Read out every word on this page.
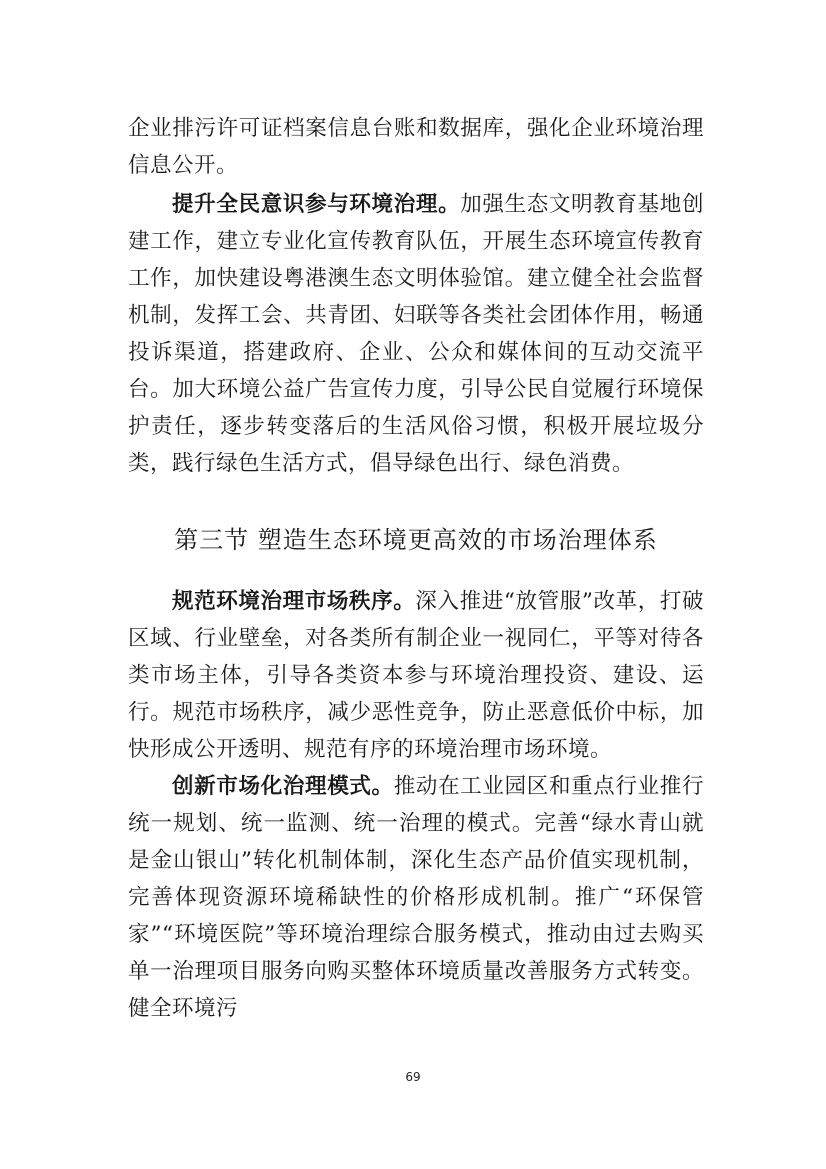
企业排污许可证档案信息台账和数据库，强化企业环境治理信息公开。

提升全民意识参与环境治理。加强生态文明教育基地创建工作，建立专业化宣传教育队伍，开展生态环境宣传教育工作，加快建设粤港澳生态文明体验馆。建立健全社会监督机制，发挥工会、共青团、妇联等各类社会团体作用，畅通投诉渠道，搭建政府、企业、公众和媒体间的互动交流平台。加大环境公益广告宣传力度，引导公民自觉履行环境保护责任，逐步转变落后的生活风俗习惯，积极开展垃圾分类，践行绿色生活方式，倡导绿色出行、绿色消费。

第三节 塑造生态环境更高效的市场治理体系

规范环境治理市场秩序。深入推进“放管服”改革，打破区域、行业壁垒，对各类所有制企业一视同仁，平等对待各类市场主体，引导各类资本参与环境治理投资、建设、运行。规范市场秩序，减少恶性竞争，防止恶意低价中标，加快形成公开透明、规范有序的环境治理市场环境。

创新市场化治理模式。推动在工业园区和重点行业推行统一规划、统一监测、统一治理的模式。完善“绿水青山就是金山银山”转化机制体制，深化生态产品价值实现机制，完善体现资源环境稀缺性的价格形成机制。推广“环保管家”“环境医院”等环境治理综合服务模式，推动由过去购买单一治理项目服务向购买整体环境质量改善服务方式转变。健全环境污

69
